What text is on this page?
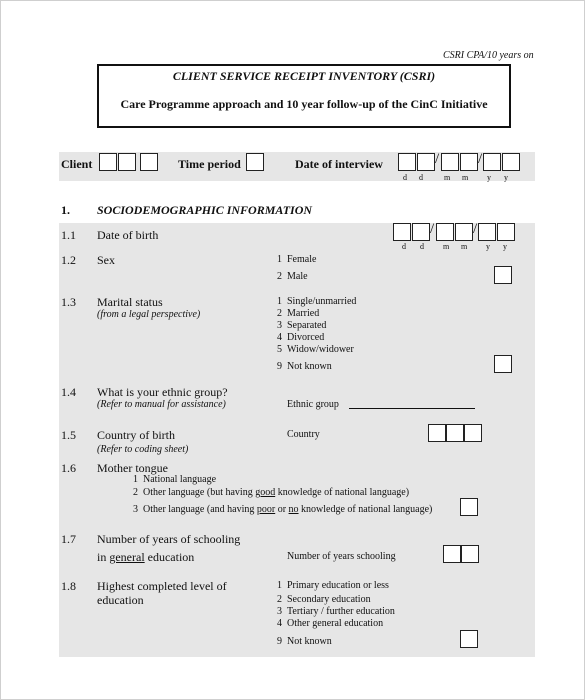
CSRI CPA/10 years on
CLIENT SERVICE RECEIPT INVENTORY (CSRI)
Care Programme approach and 10 year follow-up of the CinC Initiative
Client	Time period	Date of interview	/	/
d d	m m y y
1. SOCIODEMOGRAPHIC INFORMATION
1.1 Date of birth	/	/
d d m m y y
1.2 Sex	1 Female
2 Male
1.3 Marital status
(from a legal perspective)
1 Single/unmarried
2 Married
3 Separated
4 Divorced
5 Widow/widower
9 Not known
1.4 What is your ethnic group?
(Refer to manual for assistance)	Ethnic group
1.5 Country of birth
(Refer to coding sheet)
Country
1.6 Mother tongue
1 National language
2 Other language (but having good knowledge of national language)
3 Other language (and having poor or no knowledge of national language)
1.7 Number of years of schooling
in general education	Number of years schooling
1.8 Highest completed level of
education
1 Primary education or less
2 Secondary education
3 Tertiary / further education
4 Other general education
9 Not known
